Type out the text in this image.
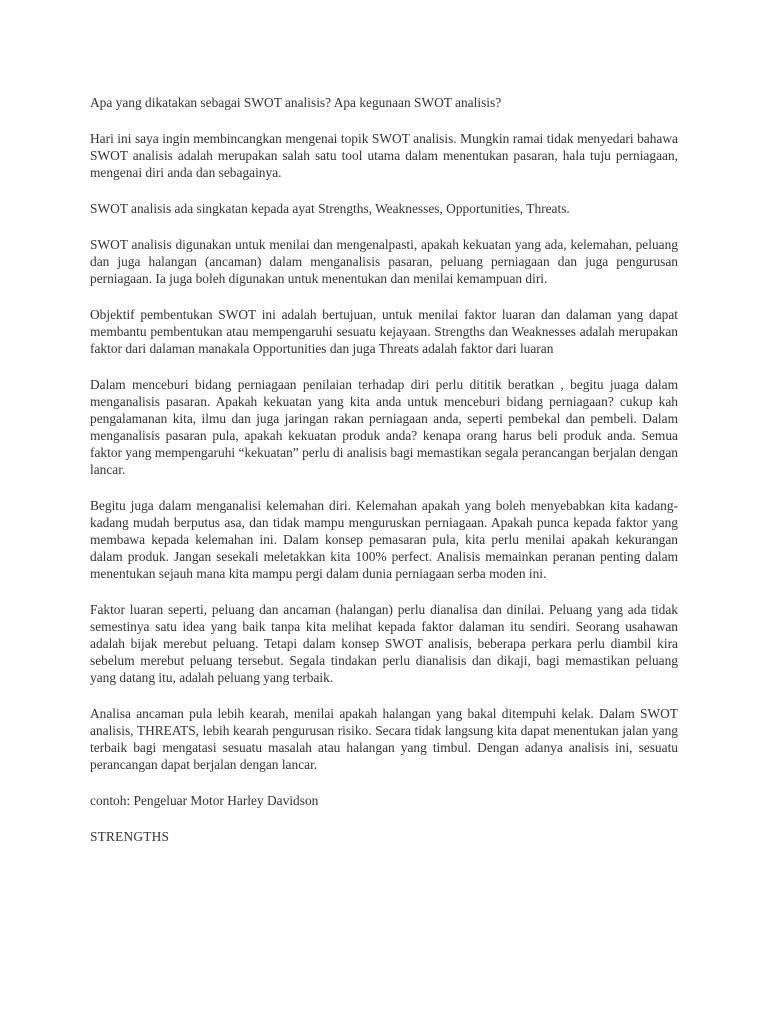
Apa yang dikatakan sebagai SWOT analisis? Apa kegunaan SWOT analisis?

Hari ini saya ingin membincangkan mengenai topik SWOT analisis. Mungkin ramai tidak menyedari bahawa SWOT analisis adalah merupakan salah satu tool utama dalam menentukan pasaran, hala tuju perniagaan, mengenai diri anda dan sebagainya.

SWOT analisis ada singkatan kepada ayat Strengths, Weaknesses, Opportunities, Threats.

SWOT analisis digunakan untuk menilai dan mengenalpasti, apakah kekuatan yang ada, kelemahan, peluang dan juga halangan (ancaman) dalam menganalisis pasaran, peluang perniagaan dan juga pengurusan perniagaan. Ia juga boleh digunakan untuk menentukan dan menilai kemampuan diri.

Objektif pembentukan SWOT ini adalah bertujuan, untuk menilai faktor luaran dan dalaman yang dapat membantu pembentukan atau mempengaruhi sesuatu kejayaan. Strengths dan Weaknesses adalah merupakan faktor dari dalaman manakala Opportunities dan juga Threats adalah faktor dari luaran

Dalam menceburi bidang perniagaan penilaian terhadap diri perlu dititik beratkan , begitu juaga dalam menganalisis pasaran. Apakah kekuatan yang kita anda untuk menceburi bidang perniagaan? cukup kah pengalamanan kita, ilmu dan juga jaringan rakan perniagaan anda, seperti pembekal dan pembeli. Dalam menganalisis pasaran pula, apakah kekuatan produk anda? kenapa orang harus beli produk anda. Semua faktor yang mempengaruhi “kekuatan” perlu di analisis bagi memastikan segala perancangan berjalan dengan lancar.

Begitu juga dalam menganalisi kelemahan diri. Kelemahan apakah yang boleh menyebabkan kita kadang-kadang mudah berputus asa, dan tidak mampu menguruskan perniagaan. Apakah punca kepada faktor yang membawa kepada kelemahan ini. Dalam konsep pemasaran pula, kita perlu menilai apakah kekurangan dalam produk. Jangan sesekali meletakkan kita 100% perfect. Analisis memainkan peranan penting dalam menentukan sejauh mana kita mampu pergi dalam dunia perniagaan serba moden ini.

Faktor luaran seperti, peluang dan ancaman (halangan) perlu dianalisa dan dinilai. Peluang yang ada tidak semestinya satu idea yang baik tanpa kita melihat kepada faktor dalaman itu sendiri. Seorang usahawan adalah bijak merebut peluang. Tetapi dalam konsep SWOT analisis, beberapa perkara perlu diambil kira sebelum merebut peluang tersebut. Segala tindakan perlu dianalisis dan dikaji, bagi memastikan peluang yang datang itu, adalah peluang yang terbaik.

Analisa ancaman pula lebih kearah, menilai apakah halangan yang bakal ditempuhi kelak. Dalam SWOT analisis, THREATS, lebih kearah pengurusan risiko. Secara tidak langsung kita dapat menentukan jalan yang terbaik bagi mengatasi sesuatu masalah atau halangan yang timbul. Dengan adanya analisis ini, sesuatu perancangan dapat berjalan dengan lancar.

contoh: Pengeluar Motor Harley Davidson

STRENGTHS
